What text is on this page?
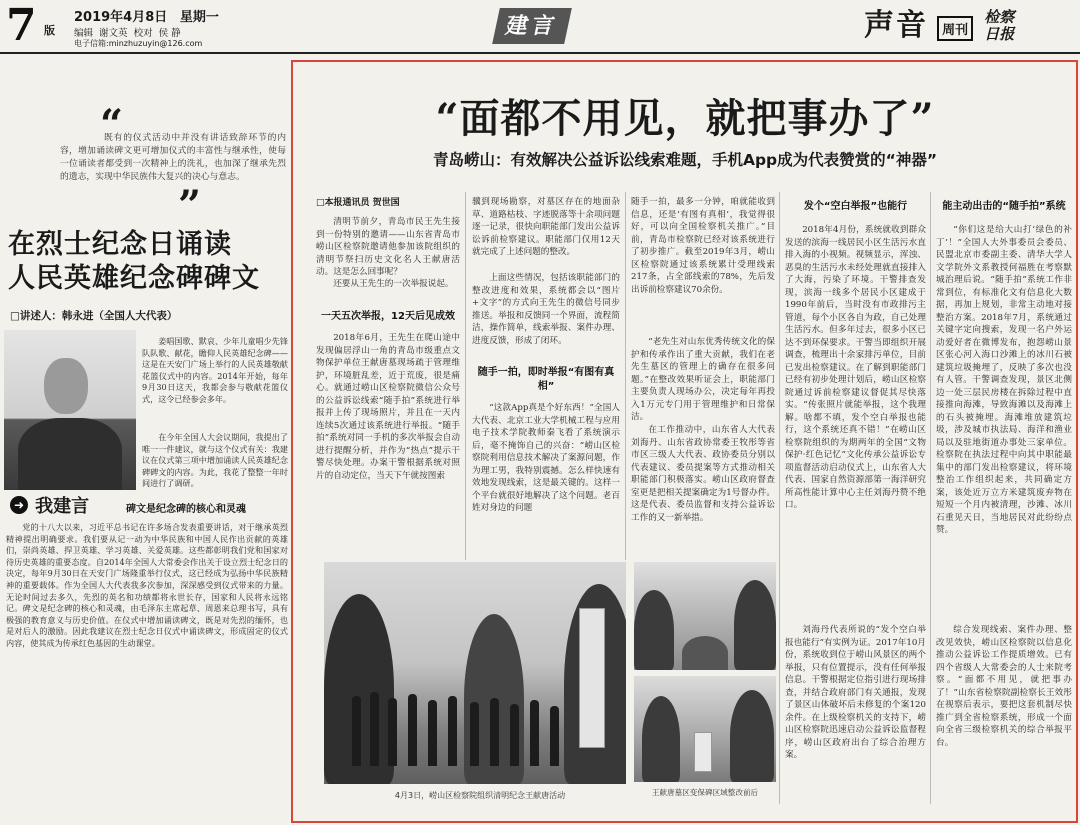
7 版
2019年4月8日 星期一
编辑  谢文英  校对  侯 静
电子信箱:minzhuzuyin@126.com
建言	声音 周刊 检察日报
“
既有的仪式活动中并没有讲话致辞环节的内容，增加诵读碑文更可增加仪式的丰富性与继承性，使每一位诵读者都受到一次精神上的洗礼，也加深了继承先烈的遗志，实现中华民族伟大复兴的决心与意志。
”
在烈士纪念日诵读
人民英雄纪念碑碑文
□讲述人：韩永进（全国人大代表）
姜唱国歌、默哀、少年儿童唱少先锋队队歌、献花，瞻仰人民英雄纪念碑——这是在天安门广场上举行的人民英雄敬献花篮仪式中的内容。2014年开始，每年9月30日这天，我都会参与敬献花篮仪式，这令已经参会多年。
在今年全国人大会议期间，我提出了唯一一件建议，就与这个仪式有关：我建议在仪式第三项中增加诵读人民英雄纪念碑碑文的内容。为此，我花了整整一年时间进行了调研。
➜ 我建言	碑文是纪念碑的核心和灵魂
党的十八大以来，习近平总书记在许多场合发表重要讲话，对于继承英烈精神提出明确要求。我们要从记一动为中华民族和中国人民作出贡献的英雄们，崇尚英雄、捍卫英雄、学习英雄、关爱英雄。这些都彰明我们党和国家对待历史英雄的重要态度。自2014年全国人大常委会作出关于设立烈士纪念日的决定，每年9月30日在天安门广场隆重举行仪式，这已经成为弘扬中华民族精神的重要载体。作为全国人大代表我多次参加，深深感受到仪式带来的力量。无论时间过去多久，先烈的英名和功绩都将永世长存，国家和人民将永远铭记。碑文是纪念碑的核心和灵魂，由毛泽东主席起草、周恩来总理书写，具有极强的教育意义与历史价值。在仪式中增加诵读碑文，既是对先烈的缅怀，也是对后人的激励。因此我建议在烈士纪念日仪式中诵读碑文，形成固定的仪式内容，使其成为传承红色基因的生动课堂。
“面都不用见，就把事办了”
青岛崂山：有效解决公益诉讼线索难题，手机App成为代表赞赏的“神器”
□本报通讯员 贺世国
清明节前夕，青岛市民王先生接到一份特别的邀请——山东省青岛市崂山区检察院邀请他参加该院组织的清明节祭扫历史文化名人王献唐活动。这是怎么回事呢？
还要从王先生的一次举报说起。
一天五次举报，12天后见成效
2018年6月，王先生在爬山途中发现偏居浮山一角的青岛市级重点文物保护单位王献唐墓现场疏于管理维护，环境脏乱差，近于荒废，很是痛心。就通过崂山区检察院微信公众号的公益诉讼线索“随手拍”系统进行举报并上传了现场照片，并且在一天内连续5次通过该系统进行举报。“随手拍”系统对同一手机的多次举报会自动进行提醒分析，并作为“热点”提示干警尽快处理。办案干警根据系统对照片的自动定位，当天下午就按图索
骥到现场勘察，对墓区存在的地面杂草、道路枯枝、字迹脱落等十余项问题逐一记录，很快向职能部门发出公益诉讼诉前检察建议。职能部门仅用12天就完成了上述问题的整改。
上面这些情况，包括该职能部门的整改进度和效果，系统都会以“图片+文字”的方式向王先生的微信号同步推送。举报和反馈同一个界面，流程简洁，操作简单，线索举报、案件办理、进度反馈，形成了闭环。
随手一拍，即时举报“有图有真相”
“这款App真是个好东西！”全国人大代表、北京工业大学机械工程与应用电子技术学院教师秦飞看了系统演示后，毫不掩饰自己的兴奋：“崂山区检察院利用信息技术解决了案源问题，作为理工男，我特别震撼。怎么样快速有效地发现线索，这是最关键的。这样一个平台就很好地解决了这个问题。老百姓对身边的问题
随手一拍，最多一分钟，咱就能收到信息，还是‘有图有真相’，我觉得很好，可以向全国检察机关推广。”目前，青岛市检察院已经对该系统进行了初步推广。截至2019年3月，崂山区检察院通过该系统累计受理线索217条，占全部线索的78%，先后发出诉前检察建议70余份。
“老先生对山东优秀传统文化的保护和传承作出了重大贡献，我们在老先生墓区的管理上的确存在很多问题。”在整改效果听证会上，职能部门主要负责人现场办公，决定每年再投入1万元专门用于管理维护和日常保洁。
在工作推动中，山东省人大代表刘海丹、山东省政协常委王牧彤等省市区三级人大代表、政协委员分别以代表建议、委员提案等方式推动相关职能部门积极落实。崂山区政府督查室更是把相关提案确定为1号督办件。这是代表、委员监督和支持公益诉讼工作的又一新举措。
发个“空白举报”也能行
2018年4月份，系统就收到群众发送的滨海一线居民小区生活污水直排入海的小视频。视频显示，浑浊、恶臭的生活污水未经处理就直接排入了大海，污染了环境。干警排查发现，滨海一线多个居民小区建成于1990年前后，当时没有市政排污主管道，每个小区各自为政，自己处理生活污水。但多年过去，很多小区已达不到环保要求。干警当即组织开展调查，梳理出十余家排污单位，目前已发出检察建议。在了解到职能部门已经有初步处理计划后，崂山区检察院通过诉前检察建议督促其尽快落实。“传张照片就能举报，这个我理解。啥都不填，发个空白举报也能行，这个系统还真不错！”在崂山区检察院组织的为期两年的全国“文物保护·红色记忆”文化传承公益诉讼专项监督活动启动仪式上，山东省人大代表、国家自然资源部第一海洋研究所高性能计算中心主任刘海丹赞不绝口。
刘海丹代表所说的“发个空白举报也能行”有实例为证。2017年10月份，系统收到位于崂山风景区的两个举报，只有位置提示，没有任何举报信息。干警根据定位指引进行现场排查，并结合政府部门有关通报，发现了景区山体破坏后未修复的个案120余件。在上级检察机关的支持下，崂山区检察院迅速启动公益诉讼监督程序，崂山区政府出台了综合治理方案。
能主动出击的“随手拍”系统
“你们这是给大山打‘绿色的补丁’！”全国人大外事委员会委员、民盟北京市委副主委、清华大学人文学院外文系教授何福胜在考察默城治理后说。“随手拍”系统工作非常到位，有标准化文有信息化大数据，再加上规划，非常主动地对接整治方案。2018年7月，系统通过关键字定向搜索，发现一名户外运动爱好者在微博发布，抱怨崂山景区张心河入海口沙滩上的冰川石被建筑垃圾掩埋了，反映了多次也没有人管。干警调查发现，景区北侧边一处三层民房楼在拆除过程中直接推向海滩，导致海滩以及海滩上的石头被掩埋。海滩堆放建筑垃圾，涉及城市执法局、海洋和渔业局以及驻地街道办事处三家单位。检察院在执法过程中向其中职能最集中的部门发出检察建议，将环境整治工作组织起来，共同确定方案，该处近万立方米建筑废弃物在短短一个月内被清理，沙滩、冰川石重见天日，当地居民对此纷纷点赞。
综合发现线索、案件办理、整改见效快，崂山区检察院以信息化推动公益诉讼工作提质增效。已有四个省级人大常委会的人士来院考察。“面都不用见，就把事办了！”山东省检察院副检察长王效彤在视察后表示，要把这套机制尽快推广到全省检察系统，形成一个面向全省三级检察机关的综合举报平台。
4月3日，崂山区检察院组织清明纪念王献唐活动	王献唐墓区变保碑区域整改前后
